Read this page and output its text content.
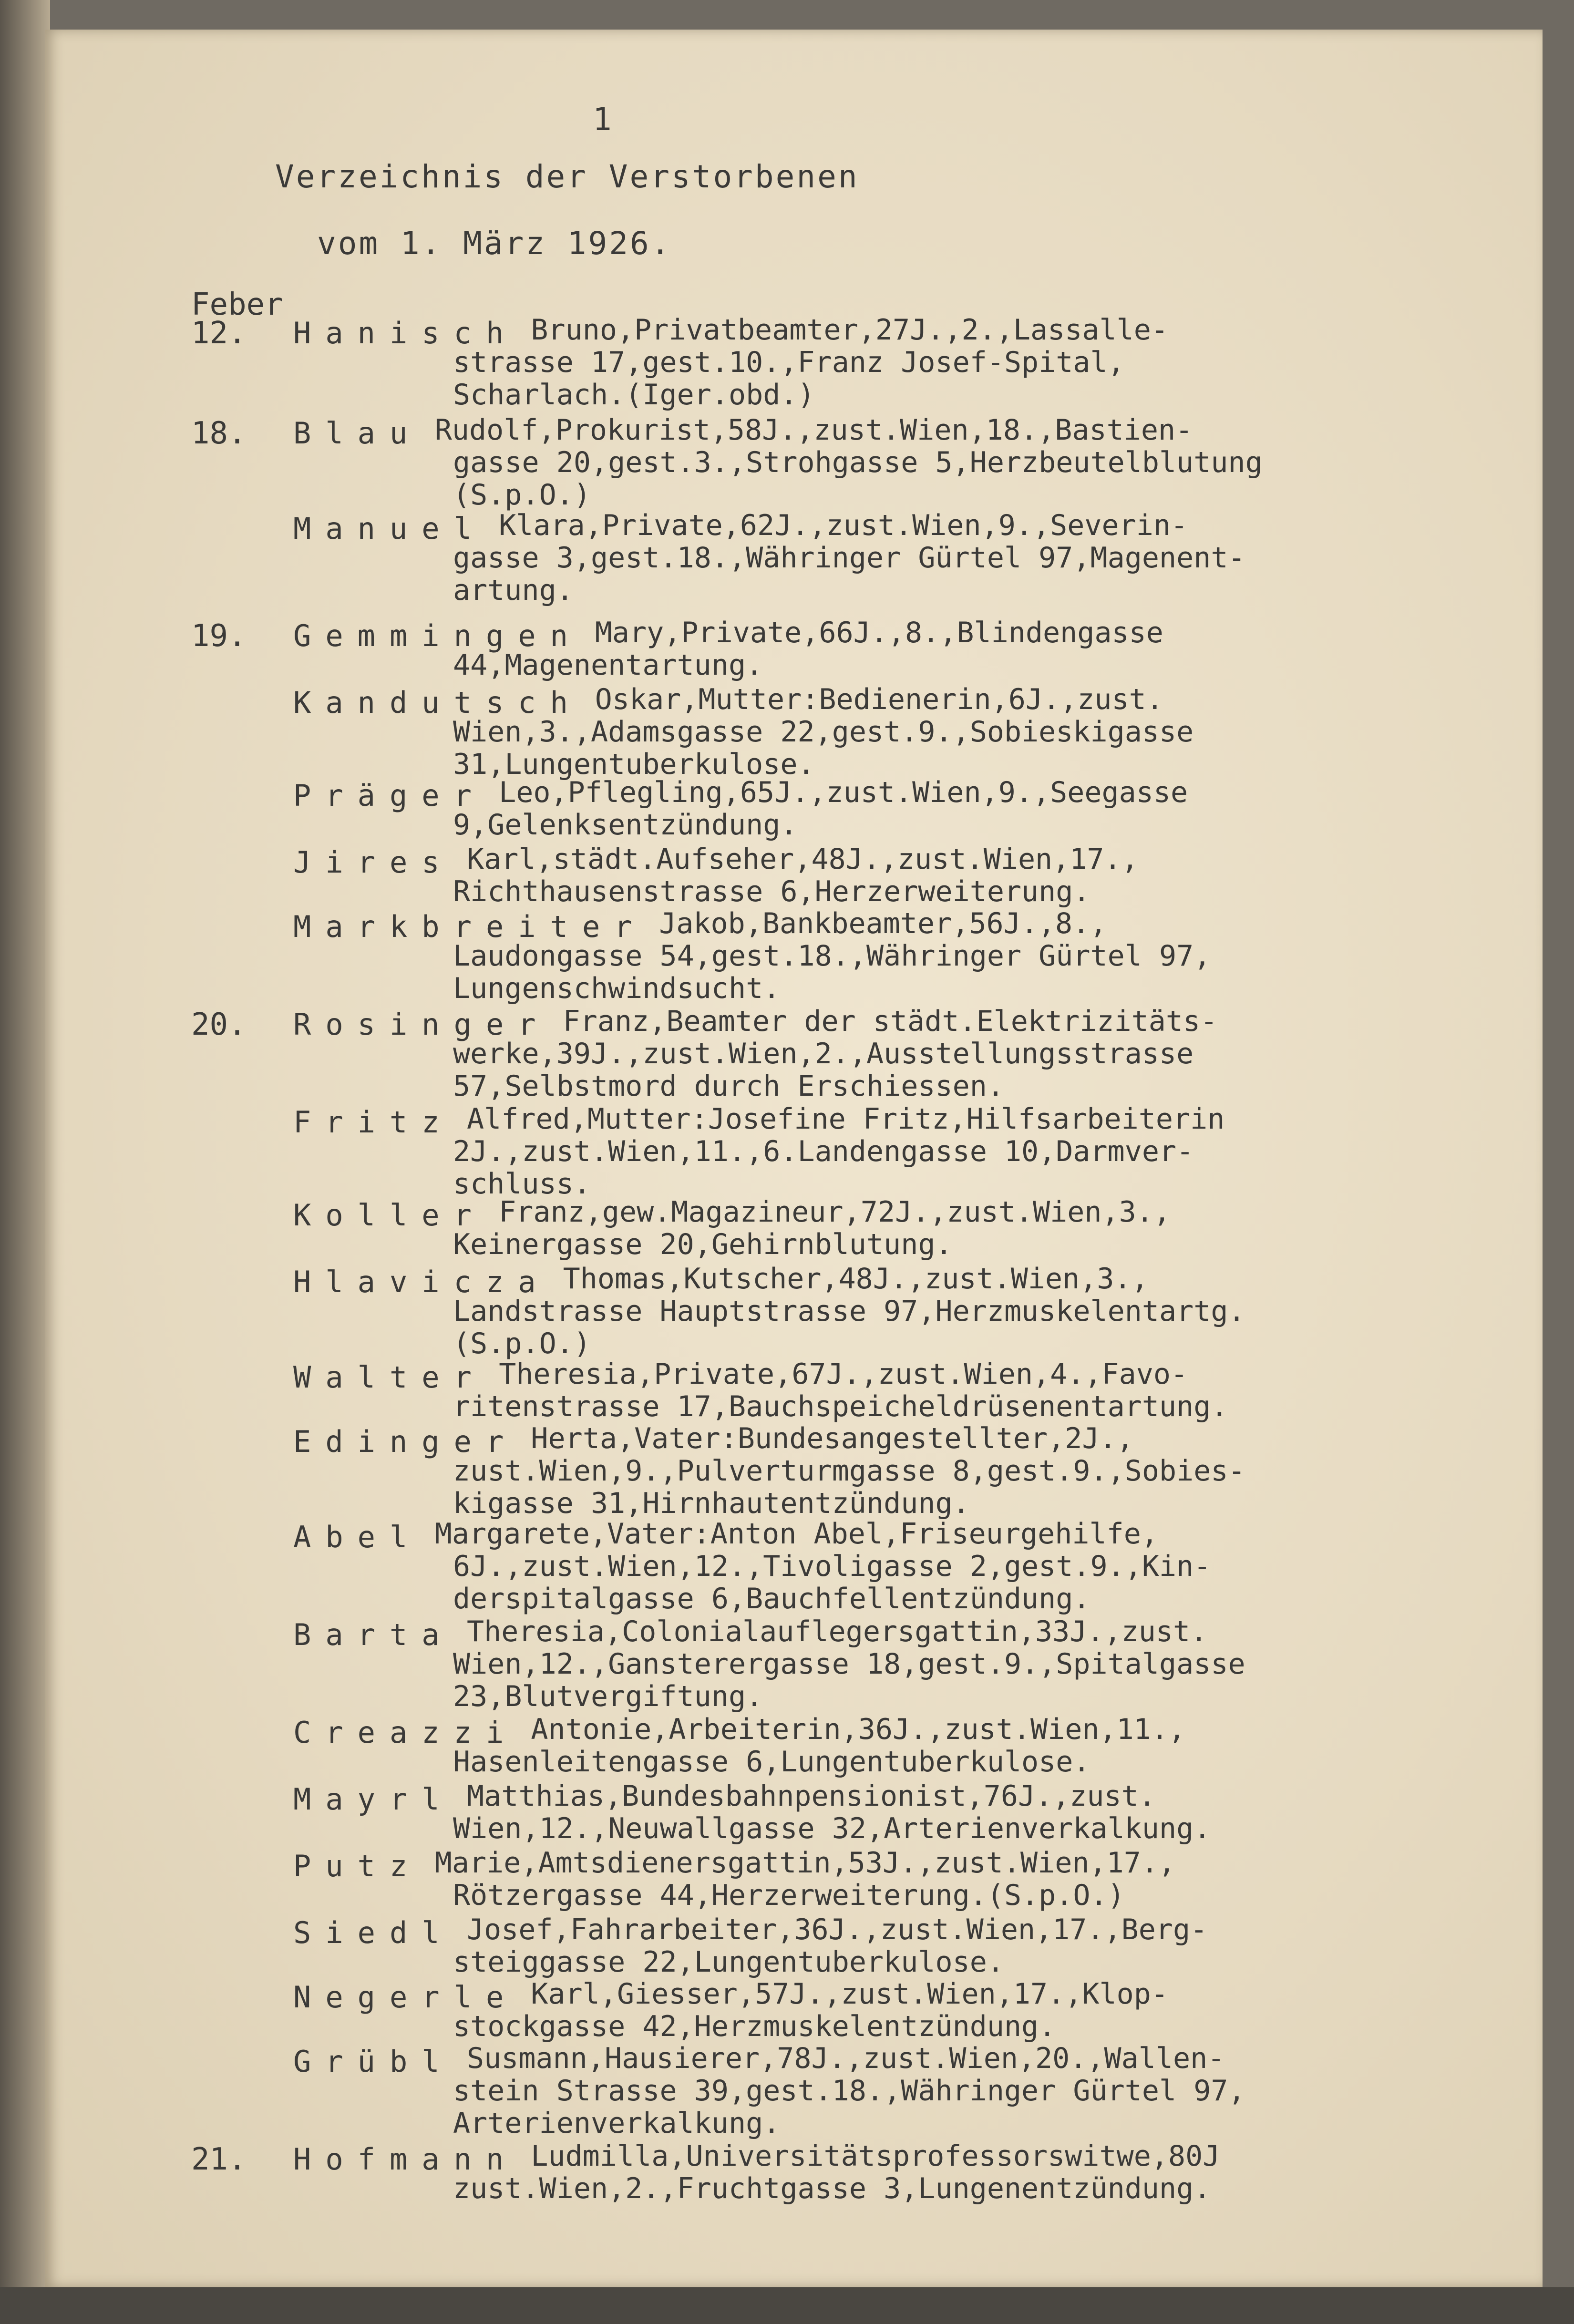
1

Verzeichnis der Verstorbenen

vom 1. März 1926.

Feber
12. Hanisch Bruno,Privatbeamter,27J.,2.,Lassalle-
strasse 17,gest.10.,Franz Josef-Spital,
Scharlach.(Iger.obd.)
18. Blau Rudolf,Prokurist,58J.,zust.Wien,18.,Bastien-
gasse 20,gest.3.,Strohgasse 5,Herzbeutelblutung
(S.p.O.)
Manuel Klara,Private,62J.,zust.Wien,9.,Severin-
gasse 3,gest.18.,Währinger Gürtel 97,Magenent-
artung.
19. Gemmingen Mary,Private,66J.,8.,Blindengasse
44,Magenentartung.
Kandutsch Oskar,Mutter:Bedienerin,6J.,zust.
Wien,3.,Adamsgasse 22,gest.9.,Sobieskigasse
31,Lungentuberkulose.
Präger Leo,Pflegling,65J.,zust.Wien,9.,Seegasse
9,Gelenksentzündung.
Jires Karl,städt.Aufseher,48J.,zust.Wien,17.,
Richthausenstrasse 6,Herzerweiterung.
Markbreiter Jakob,Bankbeamter,56J.,8.,
Laudongasse 54,gest.18.,Währinger Gürtel 97,
Lungenschwindsucht.
20. Rosinger Franz,Beamter der städt.Elektrizitäts-
werke,39J.,zust.Wien,2.,Ausstellungsstrasse
57,Selbstmord durch Erschiessen.
Fritz Alfred,Mutter:Josefine Fritz,Hilfsarbeiterin
2J.,zust.Wien,11.,6.Landengasse 10,Darmver-
schluss.
Koller Franz,gew.Magazineur,72J.,zust.Wien,3.,
Keinergasse 20,Gehirnblutung.
Hlavicza Thomas,Kutscher,48J.,zust.Wien,3.,
Landstrasse Hauptstrasse 97,Herzmuskelentartg.
(S.p.O.)
Walter Theresia,Private,67J.,zust.Wien,4.,Favo-
ritenstrasse 17,Bauchspeicheldrüsenentartung.
Edinger Herta,Vater:Bundesangestellter,2J.,
zust.Wien,9.,Pulverturmgasse 8,gest.9.,Sobies-
kigasse 31,Hirnhautentzündung.
Abel Margarete,Vater:Anton Abel,Friseurgehilfe,
6J.,zust.Wien,12.,Tivoligasse 2,gest.9.,Kin-
derspitalgasse 6,Bauchfellentzündung.
Barta Theresia,Colonialauflegersgattin,33J.,zust.
Wien,12.,Gansterergasse 18,gest.9.,Spitalgasse
23,Blutvergiftung.
Creazzi Antonie,Arbeiterin,36J.,zust.Wien,11.,
Hasenleitengasse 6,Lungentuberkulose.
Mayrl Matthias,Bundesbahnpensionist,76J.,zust.
Wien,12.,Neuwallgasse 32,Arterienverkalkung.
Putz Marie,Amtsdienersgattin,53J.,zust.Wien,17.,
Rötzergasse 44,Herzerweiterung.(S.p.O.)
Siedl Josef,Fahrarbeiter,36J.,zust.Wien,17.,Berg-
steiggasse 22,Lungentuberkulose.
Negerle Karl,Giesser,57J.,zust.Wien,17.,Klop-
stockgasse 42,Herzmuskelentzündung.
Grübl Susmann,Hausierer,78J.,zust.Wien,20.,Wallen-
stein Strasse 39,gest.18.,Währinger Gürtel 97,
Arterienverkalkung.
21. Hofmann Ludmilla,Universitätsprofessorswitwe,80J
zust.Wien,2.,Fruchtgasse 3,Lungenentzündung.
